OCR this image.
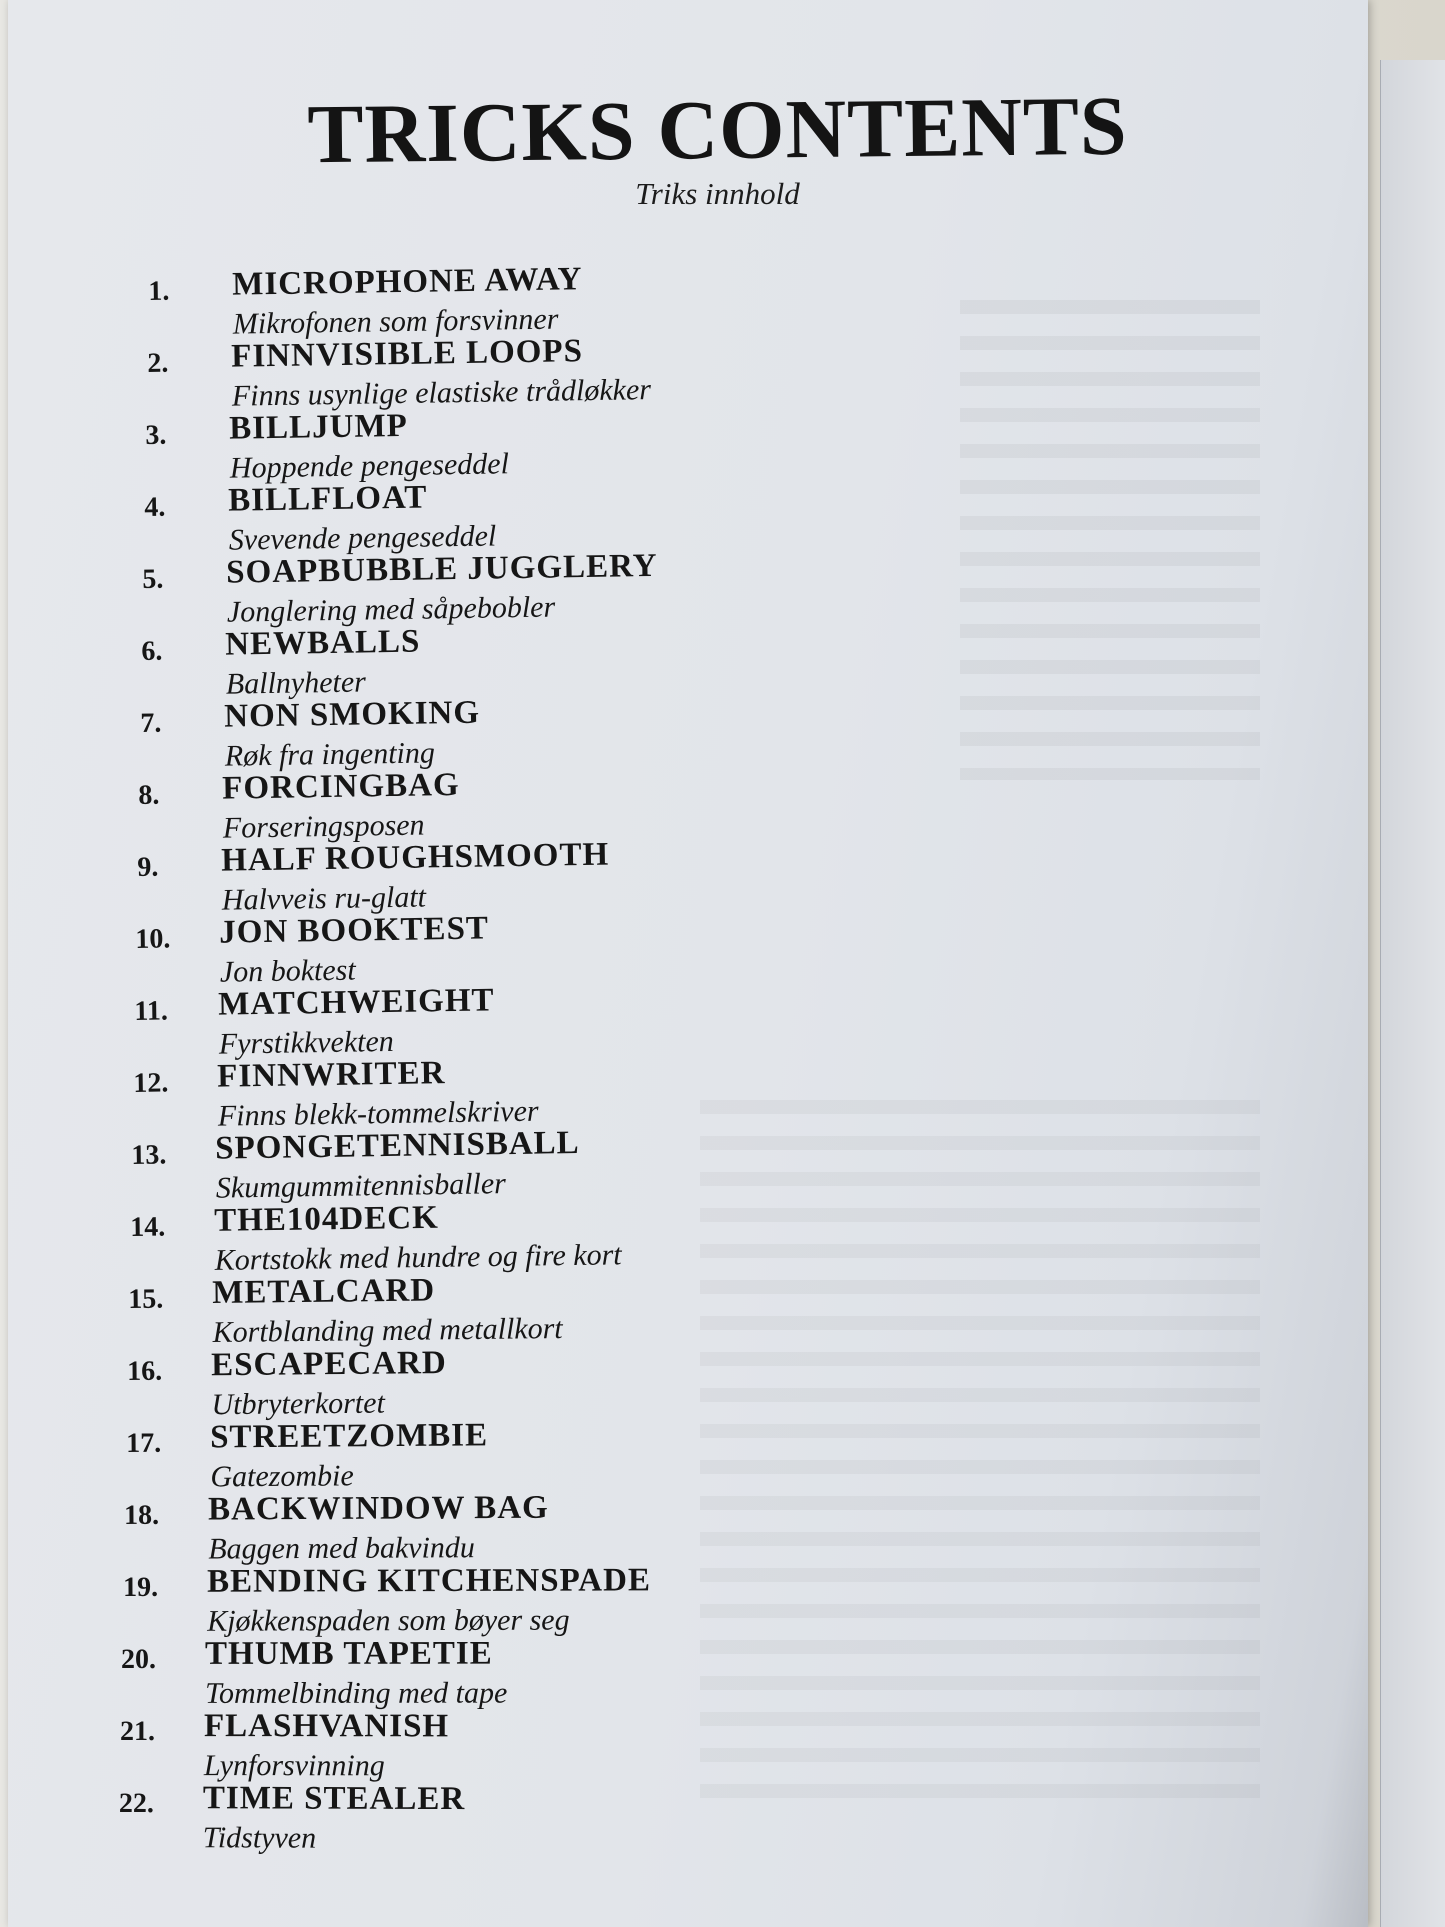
TRICKS CONTENTS
Triks innhold
1. MICROPHONE AWAY
Mikrofonen som forsvinner
2. FINNVISIBLE LOOPS
Finns usynlige elastiske trådløkker
3. BILLJUMP
Hoppende pengeseddel
4. BILLFLOAT
Svevende pengeseddel
5. SOAPBUBBLE JUGGLERY
Jonglering med såpebobler
6. NEWBALLS
Ballnyheter
7. NON SMOKING
Røk fra ingenting
8. FORCINGBAG
Forseringsposen
9. HALF ROUGHSMOOTH
Halvveis ru-glatt
10. JON BOOKTEST
Jon boktest
11. MATCHWEIGHT
Fyrstikkvekten
12. FINNWRITER
Finns blekk-tommelskriver
13. SPONGETENNISBALL
Skumgummitennisballer
14. THE104DECK
Kortstokk med hundre og fire kort
15. METALCARD
Kortblanding med metallkort
16. ESCAPECARD
Utbryterkortet
17. STREETZOMBIE
Gatezombie
18. BACKWINDOW BAG
Baggen med bakvindu
19. BENDING KITCHENSPADE
Kjøkkenspaden som bøyer seg
20. THUMB TAPETIE
Tommelbinding med tape
21. FLASHVANISH
Lynforsvinning
22. TIME STEALER
Tidstyven
